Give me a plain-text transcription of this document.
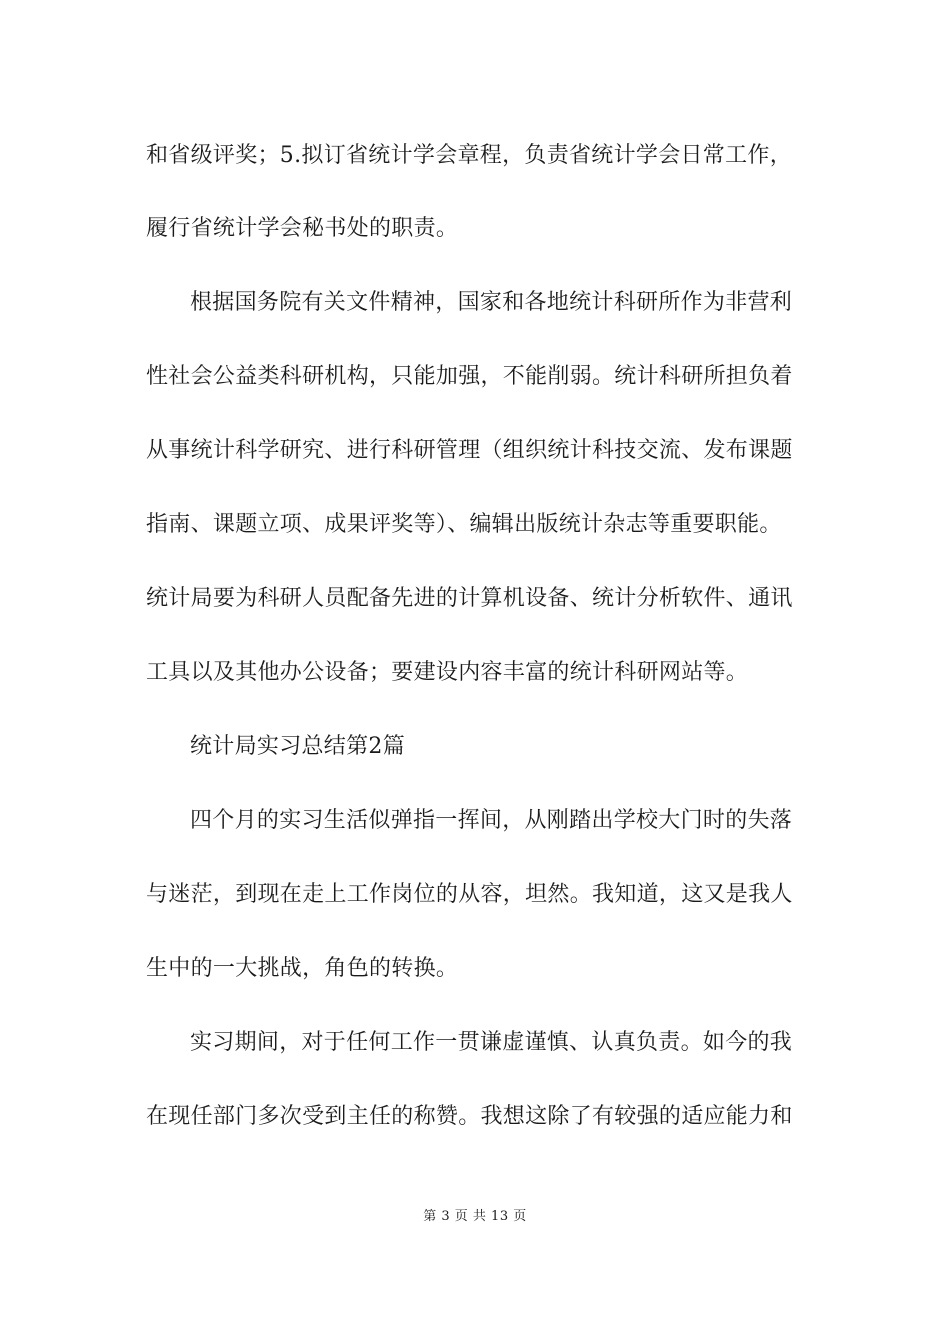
和省级评奖；5.拟订省统计学会章程，负责省统计学会日常工作，
履行省统计学会秘书处的职责。
根据国务院有关文件精神，国家和各地统计科研所作为非营利
性社会公益类科研机构，只能加强，不能削弱。统计科研所担负着
从事统计科学研究、进行科研管理（组织统计科技交流、发布课题
指南、课题立项、成果评奖等）、编辑出版统计杂志等重要职能。
统计局要为科研人员配备先进的计算机设备、统计分析软件、通讯
工具以及其他办公设备；要建设内容丰富的统计科研网站等。
统计局实习总结第2篇
四个月的实习生活似弹指一挥间，从刚踏出学校大门时的失落
与迷茫，到现在走上工作岗位的从容，坦然。我知道，这又是我人
生中的一大挑战，角色的转换。
实习期间，对于任何工作一贯谦虚谨慎、认真负责。如今的我
在现任部门多次受到主任的称赞。我想这除了有较强的适应能力和
第 3 页 共 13 页
